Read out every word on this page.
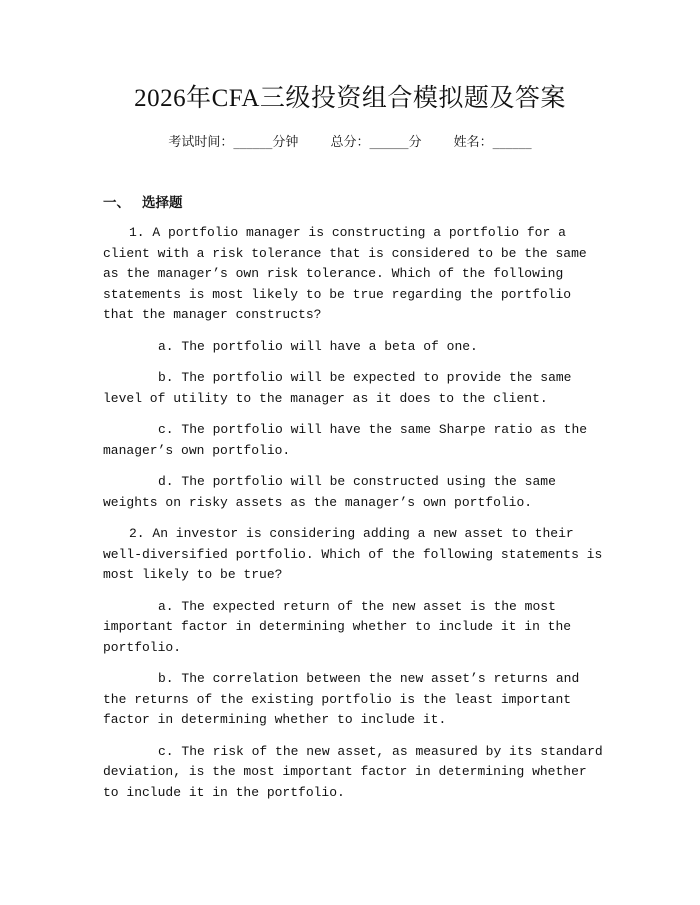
2026年CFA三级投资组合模拟题及答案
考试时间：______分钟 总分：______分 姓名：______
一、 选择题

1. A portfolio manager is constructing a portfolio for a client with a risk tolerance that is considered to be the same as the manager’s own risk tolerance. Which of the following statements is most likely to be true regarding the portfolio that the manager constructs?

a. The portfolio will have a beta of one.

b. The portfolio will be expected to provide the same level of utility to the manager as it does to the client.

c. The portfolio will have the same Sharpe ratio as the manager’s own portfolio.

d. The portfolio will be constructed using the same weights on risky assets as the manager’s own portfolio.

2. An investor is considering adding a new asset to their well-diversified portfolio. Which of the following statements is most likely to be true?

a. The expected return of the new asset is the most important factor in determining whether to include it in the portfolio.

b. The correlation between the new asset’s returns and the returns of the existing portfolio is the least important factor in determining whether to include it.

c. The risk of the new asset, as measured by its standard deviation, is the most important factor in determining whether to include it in the portfolio.
